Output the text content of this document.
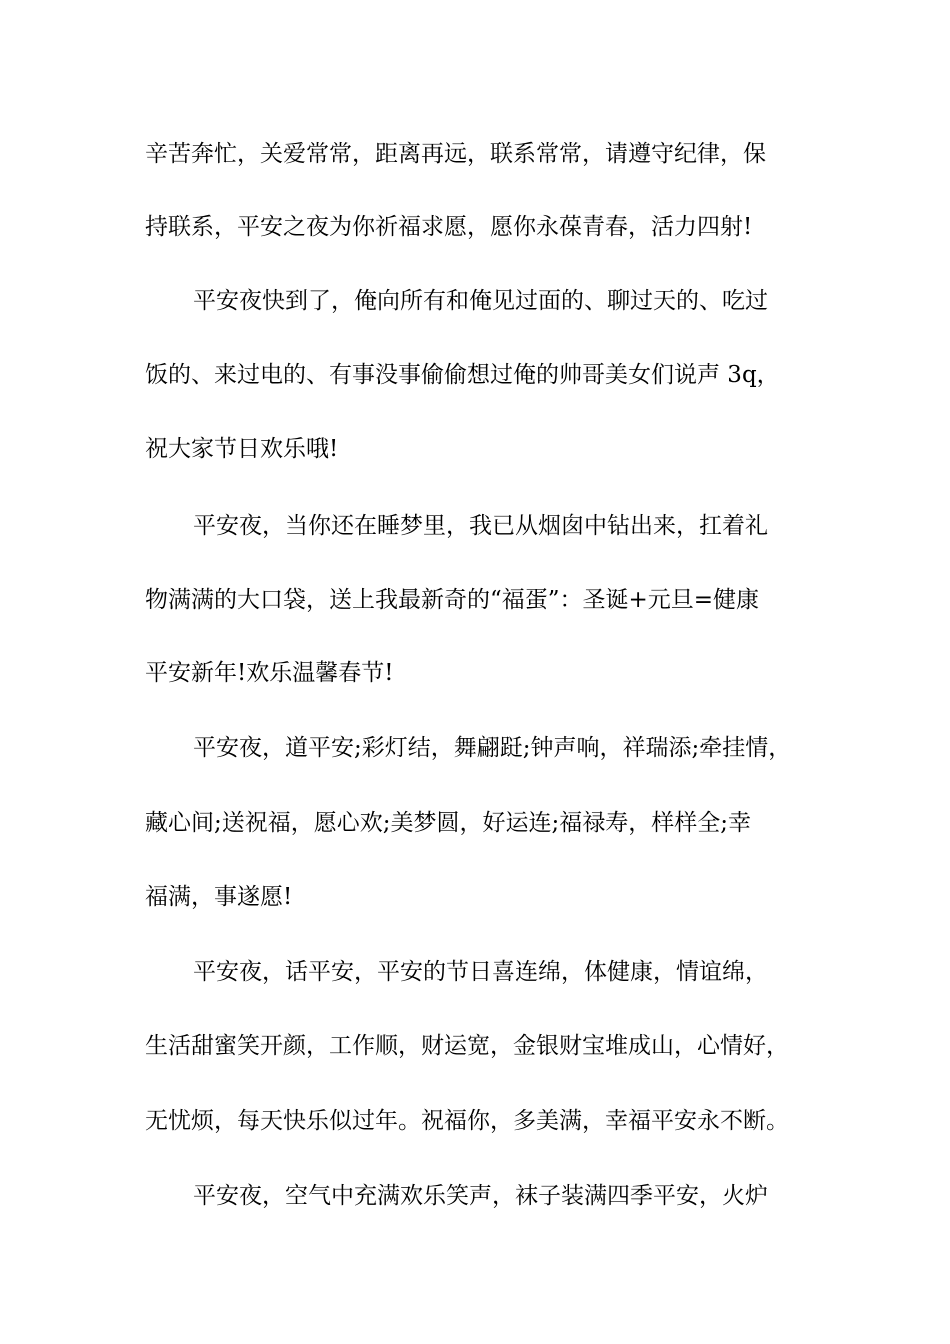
辛苦奔忙，关爱常常，距离再远，联系常常，请遵守纪律，保
持联系，平安之夜为你祈福求愿，愿你永葆青春，活力四射!
平安夜快到了，俺向所有和俺见过面的、聊过天的、吃过
饭的、来过电的、有事没事偷偷想过俺的帅哥美女们说声 3q，
祝大家节日欢乐哦!
平安夜，当你还在睡梦里，我已从烟囱中钻出来，扛着礼
物满满的大口袋，送上我最新奇的“福蛋”：圣诞+元旦=健康
平安新年!欢乐温馨春节!
平安夜，道平安;彩灯结，舞翩跹;钟声响，祥瑞添;牵挂情，
藏心间;送祝福，愿心欢;美梦圆，好运连;福禄寿，样样全;幸
福满，事遂愿!
平安夜，话平安，平安的节日喜连绵，体健康，情谊绵，
生活甜蜜笑开颜，工作顺，财运宽，金银财宝堆成山，心情好，
无忧烦，每天快乐似过年。祝福你，多美满，幸福平安永不断。
平安夜，空气中充满欢乐笑声，袜子装满四季平安，火炉
